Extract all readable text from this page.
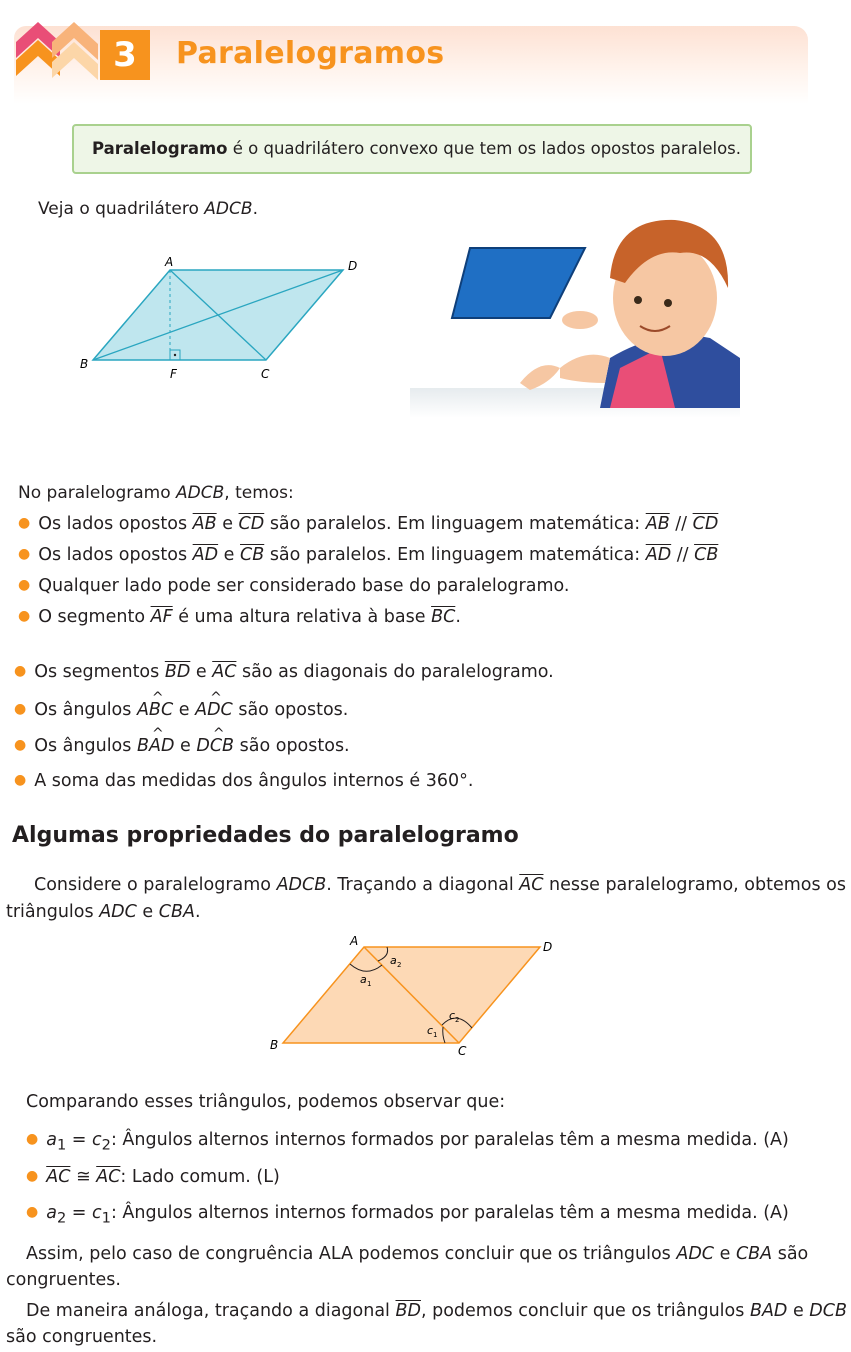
3	Paralelogramos
Paralelogramo é o quadrilátero convexo que tem os lados opostos paralelos.
Veja o quadrilátero ADCB.
A	D
B
F	C
No paralelogramo ADCB, temos:
● Os lados opostos $\overline{AB}$ e $\overline{CD}$ são paralelos. Em linguagem matemática: $\overline{AB} // \overline{CD}$
● Os lados opostos $\overline{AD}$ e $\overline{CB}$ são paralelos. Em linguagem matemática: $\overline{AD} // \overline{CB}$
● Qualquer lado pode ser considerado base do paralelogramo.
● O segmento $\overline{AF}$ é uma altura relativa à base $\overline{BC}$.
● Os segmentos $\overline{BD}$ e $\overline{AC}$ são as diagonais do paralelogramo.
● Os ângulos A^ BC e A^ DC são opostos.
● Os ângulos B^ AD e D^ CB são opostos.
● A soma das medidas dos ângulos internos é 360°.
Algumas propriedades do paralelogramo
Considere o paralelogramo ADCB. Traçando a diagonal $\overline{AC}$ nesse paralelogramo, obtemos os
triângulos ADC e CBA.
A	D
B	C
a 1
a 2
c 1
c 2
Comparando esses triângulos, podemos observar que:
● $a_1 = c_2$: Ângulos alternos internos formados por paralelas têm a mesma medida. (A)
● $\overline{AC}$ ≅ $\overline{AC}$: Lado comum. (L)
● $a_2 = c_1$: Ângulos alternos internos formados por paralelas têm a mesma medida. (A)
Assim, pelo caso de congruência ALA podemos concluir que os triângulos ADC e CBA são
congruentes.
De maneira análoga, traçando a diagonal $\overline{BD}$, podemos concluir que os triângulos BAD e DCB
são congruentes.
